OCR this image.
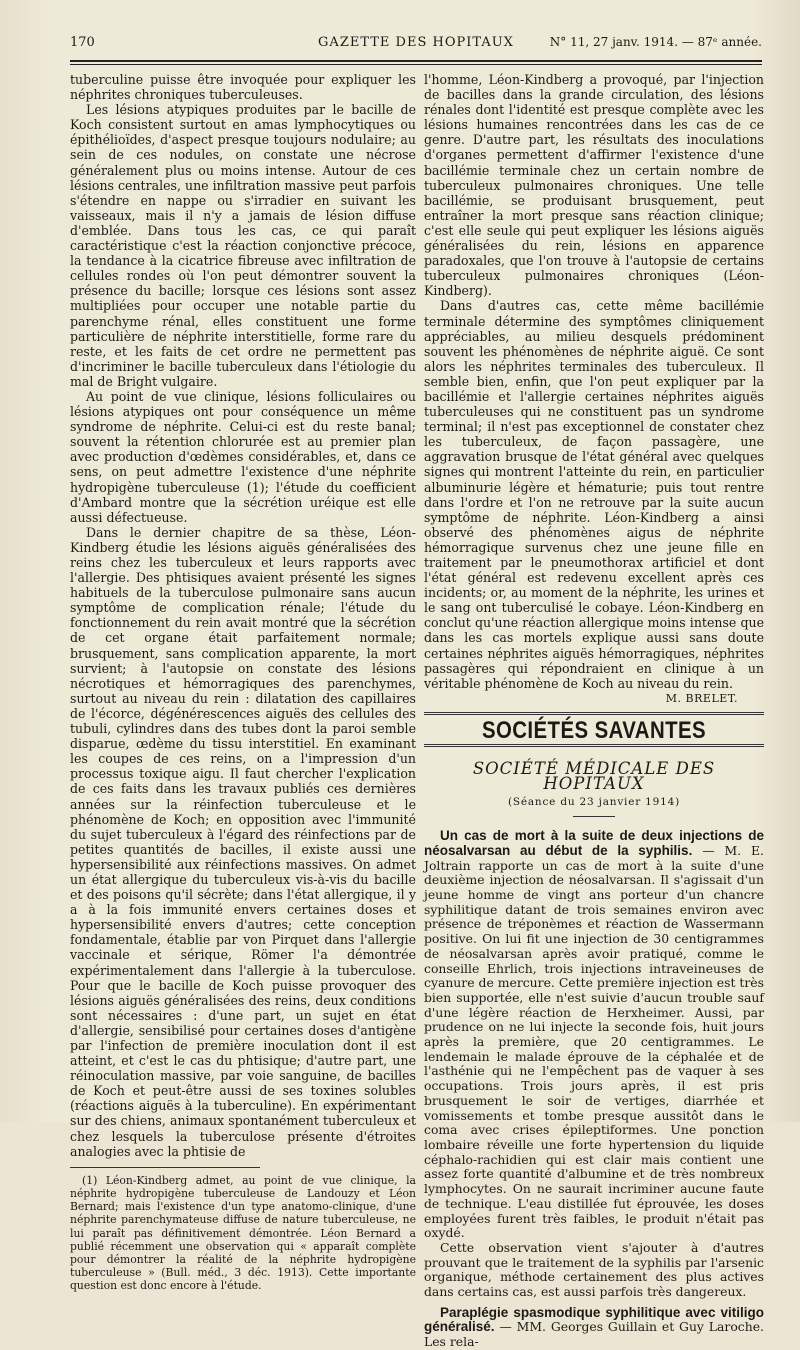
170	GAZETTE DES HOPITAUX	N° 11, 27 janv. 1914. — 87ᵉ année.

tuberculine puisse être invoquée pour expliquer les néphrites chroniques tuberculeuses.

Les lésions atypiques produites par le bacille de Koch consistent surtout en amas lymphocytiques ou épithélioïdes, d'aspect presque toujours nodulaire; au sein de ces nodules, on constate une nécrose généralement plus ou moins intense. Autour de ces lésions centrales, une infiltration massive peut parfois s'étendre en nappe ou s'irradier en suivant les vaisseaux, mais il n'y a jamais de lésion diffuse d'emblée. Dans tous les cas, ce qui paraît caractéristique c'est la réaction conjonctive précoce, la tendance à la cicatrice fibreuse avec infiltration de cellules rondes où l'on peut démontrer souvent la présence du bacille; lorsque ces lésions sont assez multipliées pour occuper une notable partie du parenchyme rénal, elles constituent une forme particulière de néphrite interstitielle, forme rare du reste, et les faits de cet ordre ne permettent pas d'incriminer le bacille tuberculeux dans l'étiologie du mal de Bright vulgaire.

Au point de vue clinique, lésions folliculaires ou lésions atypiques ont pour conséquence un même syndrome de néphrite. Celui-ci est du reste banal; souvent la rétention chlorurée est au premier plan avec production d'œdèmes considérables, et, dans ce sens, on peut admettre l'existence d'une néphrite hydropigène tuberculeuse (1); l'étude du coefficient d'Ambard montre que la sécrétion uréique est elle aussi défectueuse.

Dans le dernier chapitre de sa thèse, Léon-Kindberg étudie les lésions aiguës généralisées des reins chez les tuberculeux et leurs rapports avec l'allergie. Des phtisiques avaient présenté les signes habituels de la tuberculose pulmonaire sans aucun symptôme de complication rénale; l'étude du fonctionnement du rein avait montré que la sécrétion de cet organe était parfaitement normale; brusquement, sans complication apparente, la mort survient; à l'autopsie on constate des lésions nécrotiques et hémorragiques des parenchymes, surtout au niveau du rein : dilatation des capillaires de l'écorce, dégénérescences aiguës des cellules des tubuli, cylindres dans des tubes dont la paroi semble disparue, œdème du tissu interstitiel. En examinant les coupes de ces reins, on a l'impression d'un processus toxique aigu. Il faut chercher l'explication de ces faits dans les travaux publiés ces dernières années sur la réinfection tuberculeuse et le phénomène de Koch; en opposition avec l'immunité du sujet tuberculeux à l'égard des réinfections par de petites quantités de bacilles, il existe aussi une hypersensibilité aux réinfections massives. On admet un état allergique du tuberculeux vis-à-vis du bacille et des poisons qu'il sécrète; dans l'état allergique, il y a à la fois immunité envers certaines doses et hypersensibilité envers d'autres; cette conception fondamentale, établie par von Pirquet dans l'allergie vaccinale et sérique, Römer l'a démontrée expérimentalement dans l'allergie à la tuberculose. Pour que le bacille de Koch puisse provoquer des lésions aiguës généralisées des reins, deux conditions sont nécessaires : d'une part, un sujet en état d'allergie, sensibilisé pour certaines doses d'antigène par l'infection de première inoculation dont il est atteint, et c'est le cas du phtisique; d'autre part, une réinoculation massive, par voie sanguine, de bacilles de Koch et peut-être aussi de ses toxines solubles (réactions aiguës à la tuberculine). En expérimentant sur des chiens, animaux spontanément tuberculeux et chez lesquels la tuberculose présente d'étroites analogies avec la phtisie de

(1) Léon-Kindberg admet, au point de vue clinique, la néphrite hydropigène tuberculeuse de Landouzy et Léon Bernard; mais l'existence d'un type anatomo-clinique, d'une néphrite parenchymateuse diffuse de nature tuberculeuse, ne lui paraît pas définitivement démontrée. Léon Bernard a publié récemment une observation qui « apparaît complète pour démontrer la réalité de la néphrite hydropigène tuberculeuse » (Bull. méd., 3 déc. 1913). Cette importante question est donc encore à l'étude.

l'homme, Léon-Kindberg a provoqué, par l'injection de bacilles dans la grande circulation, des lésions rénales dont l'identité est presque complète avec les lésions humaines rencontrées dans les cas de ce genre. D'autre part, les résultats des inoculations d'organes permettent d'affirmer l'existence d'une bacillémie terminale chez un certain nombre de tuberculeux pulmonaires chroniques. Une telle bacillémie, se produisant brusquement, peut entraîner la mort presque sans réaction clinique; c'est elle seule qui peut expliquer les lésions aiguës généralisées du rein, lésions en apparence paradoxales, que l'on trouve à l'autopsie de certains tuberculeux pulmonaires chroniques (Léon-Kindberg).

Dans d'autres cas, cette même bacillémie terminale détermine des symptômes cliniquement appréciables, au milieu desquels prédominent souvent les phénomènes de néphrite aiguë. Ce sont alors les néphrites terminales des tuberculeux. Il semble bien, enfin, que l'on peut expliquer par la bacillémie et l'allergie certaines néphrites aiguës tuberculeuses qui ne constituent pas un syndrome terminal; il n'est pas exceptionnel de constater chez les tuberculeux, de façon passagère, une aggravation brusque de l'état général avec quelques signes qui montrent l'atteinte du rein, en particulier albuminurie légère et hématurie; puis tout rentre dans l'ordre et l'on ne retrouve par la suite aucun symptôme de néphrite. Léon-Kindberg a ainsi observé des phénomènes aigus de néphrite hémorragique survenus chez une jeune fille en traitement par le pneumothorax artificiel et dont l'état général est redevenu excellent après ces incidents; or, au moment de la néphrite, les urines et le sang ont tuberculisé le cobaye. Léon-Kindberg en conclut qu'une réaction allergique moins intense que dans les cas mortels explique aussi sans doute certaines néphrites aiguës hémorragiques, néphrites passagères qui répondraient en clinique à un véritable phénomène de Koch au niveau du rein.

M. BRELET.
SOCIÉTÉS SAVANTES
SOCIÉTÉ MÉDICALE DES HOPITAUX
(Séance du 23 janvier 1914)

Un cas de mort à la suite de deux injections de néosalvarsan au début de la syphilis. — M. E. Joltrain rapporte un cas de mort à la suite d'une deuxième injection de néosalvarsan. Il s'agissait d'un jeune homme de vingt ans porteur d'un chancre syphilitique datant de trois semaines environ avec présence de tréponèmes et réaction de Wassermann positive. On lui fit une injection de 30 centigrammes de néosalvarsan après avoir pratiqué, comme le conseille Ehrlich, trois injections intraveineuses de cyanure de mercure. Cette première injection est très bien supportée, elle n'est suivie d'aucun trouble sauf d'une légère réaction de Herxheimer. Aussi, par prudence on ne lui injecte la seconde fois, huit jours après la première, que 20 centigrammes. Le lendemain le malade éprouve de la céphalée et de l'asthénie qui ne l'empêchent pas de vaquer à ses occupations. Trois jours après, il est pris brusquement le soir de vertiges, diarrhée et vomissements et tombe presque aussitôt dans le coma avec crises épileptiformes. Une ponction lombaire réveille une forte hypertension du liquide céphalo-rachidien qui est clair mais contient une assez forte quantité d'albumine et de très nombreux lymphocytes. On ne saurait incriminer aucune faute de technique. L'eau distillée fut éprouvée, les doses employées furent très faibles, le produit n'était pas oxydé.

Cette observation vient s'ajouter à d'autres prouvant que le traitement de la syphilis par l'arsenic organique, méthode certainement des plus actives dans certains cas, est aussi parfois très dangereux.

Paraplégie spasmodique syphilitique avec vitiligo généralisé. — MM. Georges Guillain et Guy Laroche. Les rela-
